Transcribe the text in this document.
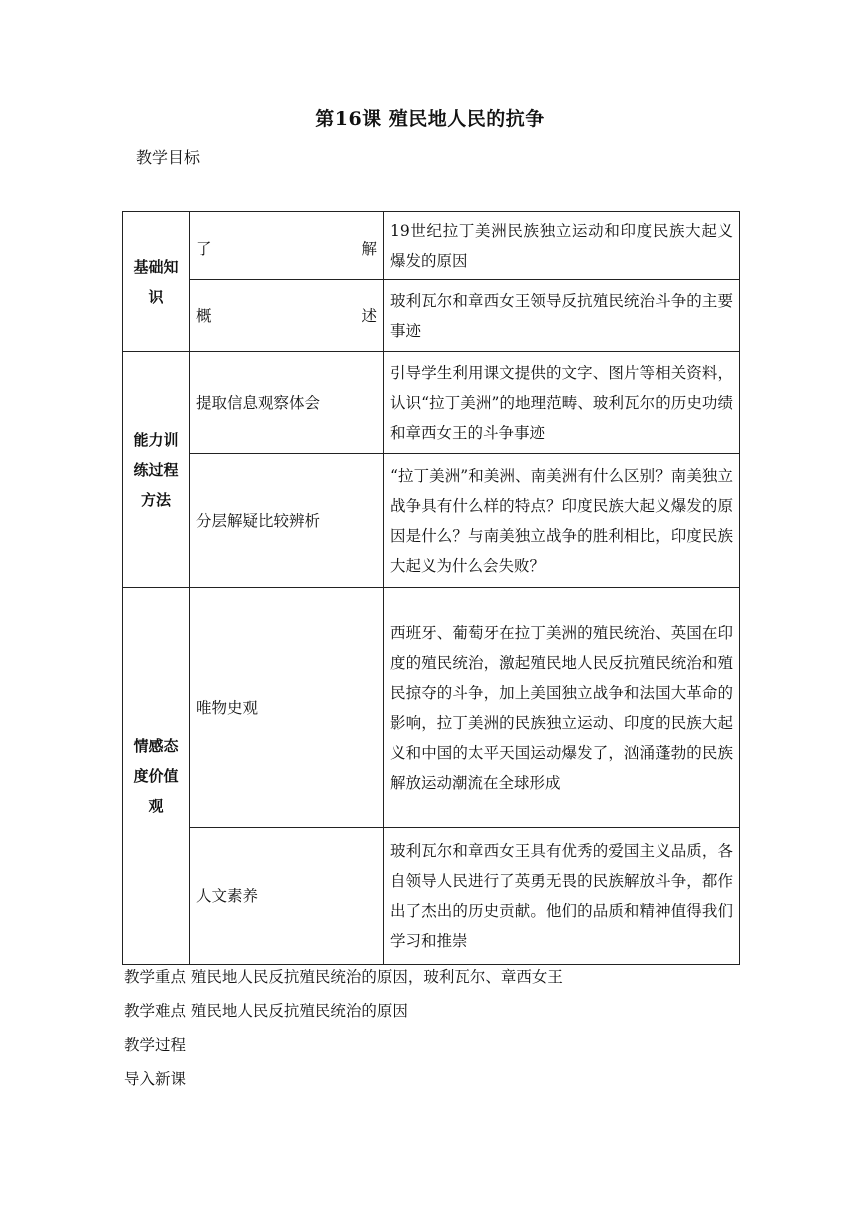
第16课 殖民地人民的抗争
教学目标
基础知识	了 解	19世纪拉丁美洲民族独立运动和印度民族大起义爆发的原因
	概 述	玻利瓦尔和章西女王领导反抗殖民统治斗争的主要事迹
能力训练过程方法	提取信息观察体会	引导学生利用课文提供的文字、图片等相关资料，认识“拉丁美洲”的地理范畴、玻利瓦尔的历史功绩和章西女王的斗争事迹
	分层解疑比较辨析	“拉丁美洲”和美洲、南美洲有什么区别？南美独立战争具有什么样的特点？印度民族大起义爆发的原因是什么？与南美独立战争的胜利相比，印度民族大起义为什么会失败？
情感态度价值观	唯物史观	西班牙、葡萄牙在拉丁美洲的殖民统治、英国在印度的殖民统治，激起殖民地人民反抗殖民统治和殖民掠夺的斗争，加上美国独立战争和法国大革命的影响，拉丁美洲的民族独立运动、印度的民族大起义和中国的太平天国运动爆发了，汹涌蓬勃的民族解放运动潮流在全球形成
	人文素养	玻利瓦尔和章西女王具有优秀的爱国主义品质，各自领导人民进行了英勇无畏的民族解放斗争，都作出了杰出的历史贡献。他们的品质和精神值得我们学习和推崇
教学重点 殖民地人民反抗殖民统治的原因，玻利瓦尔、章西女王
教学难点 殖民地人民反抗殖民统治的原因
教学过程
导入新课
